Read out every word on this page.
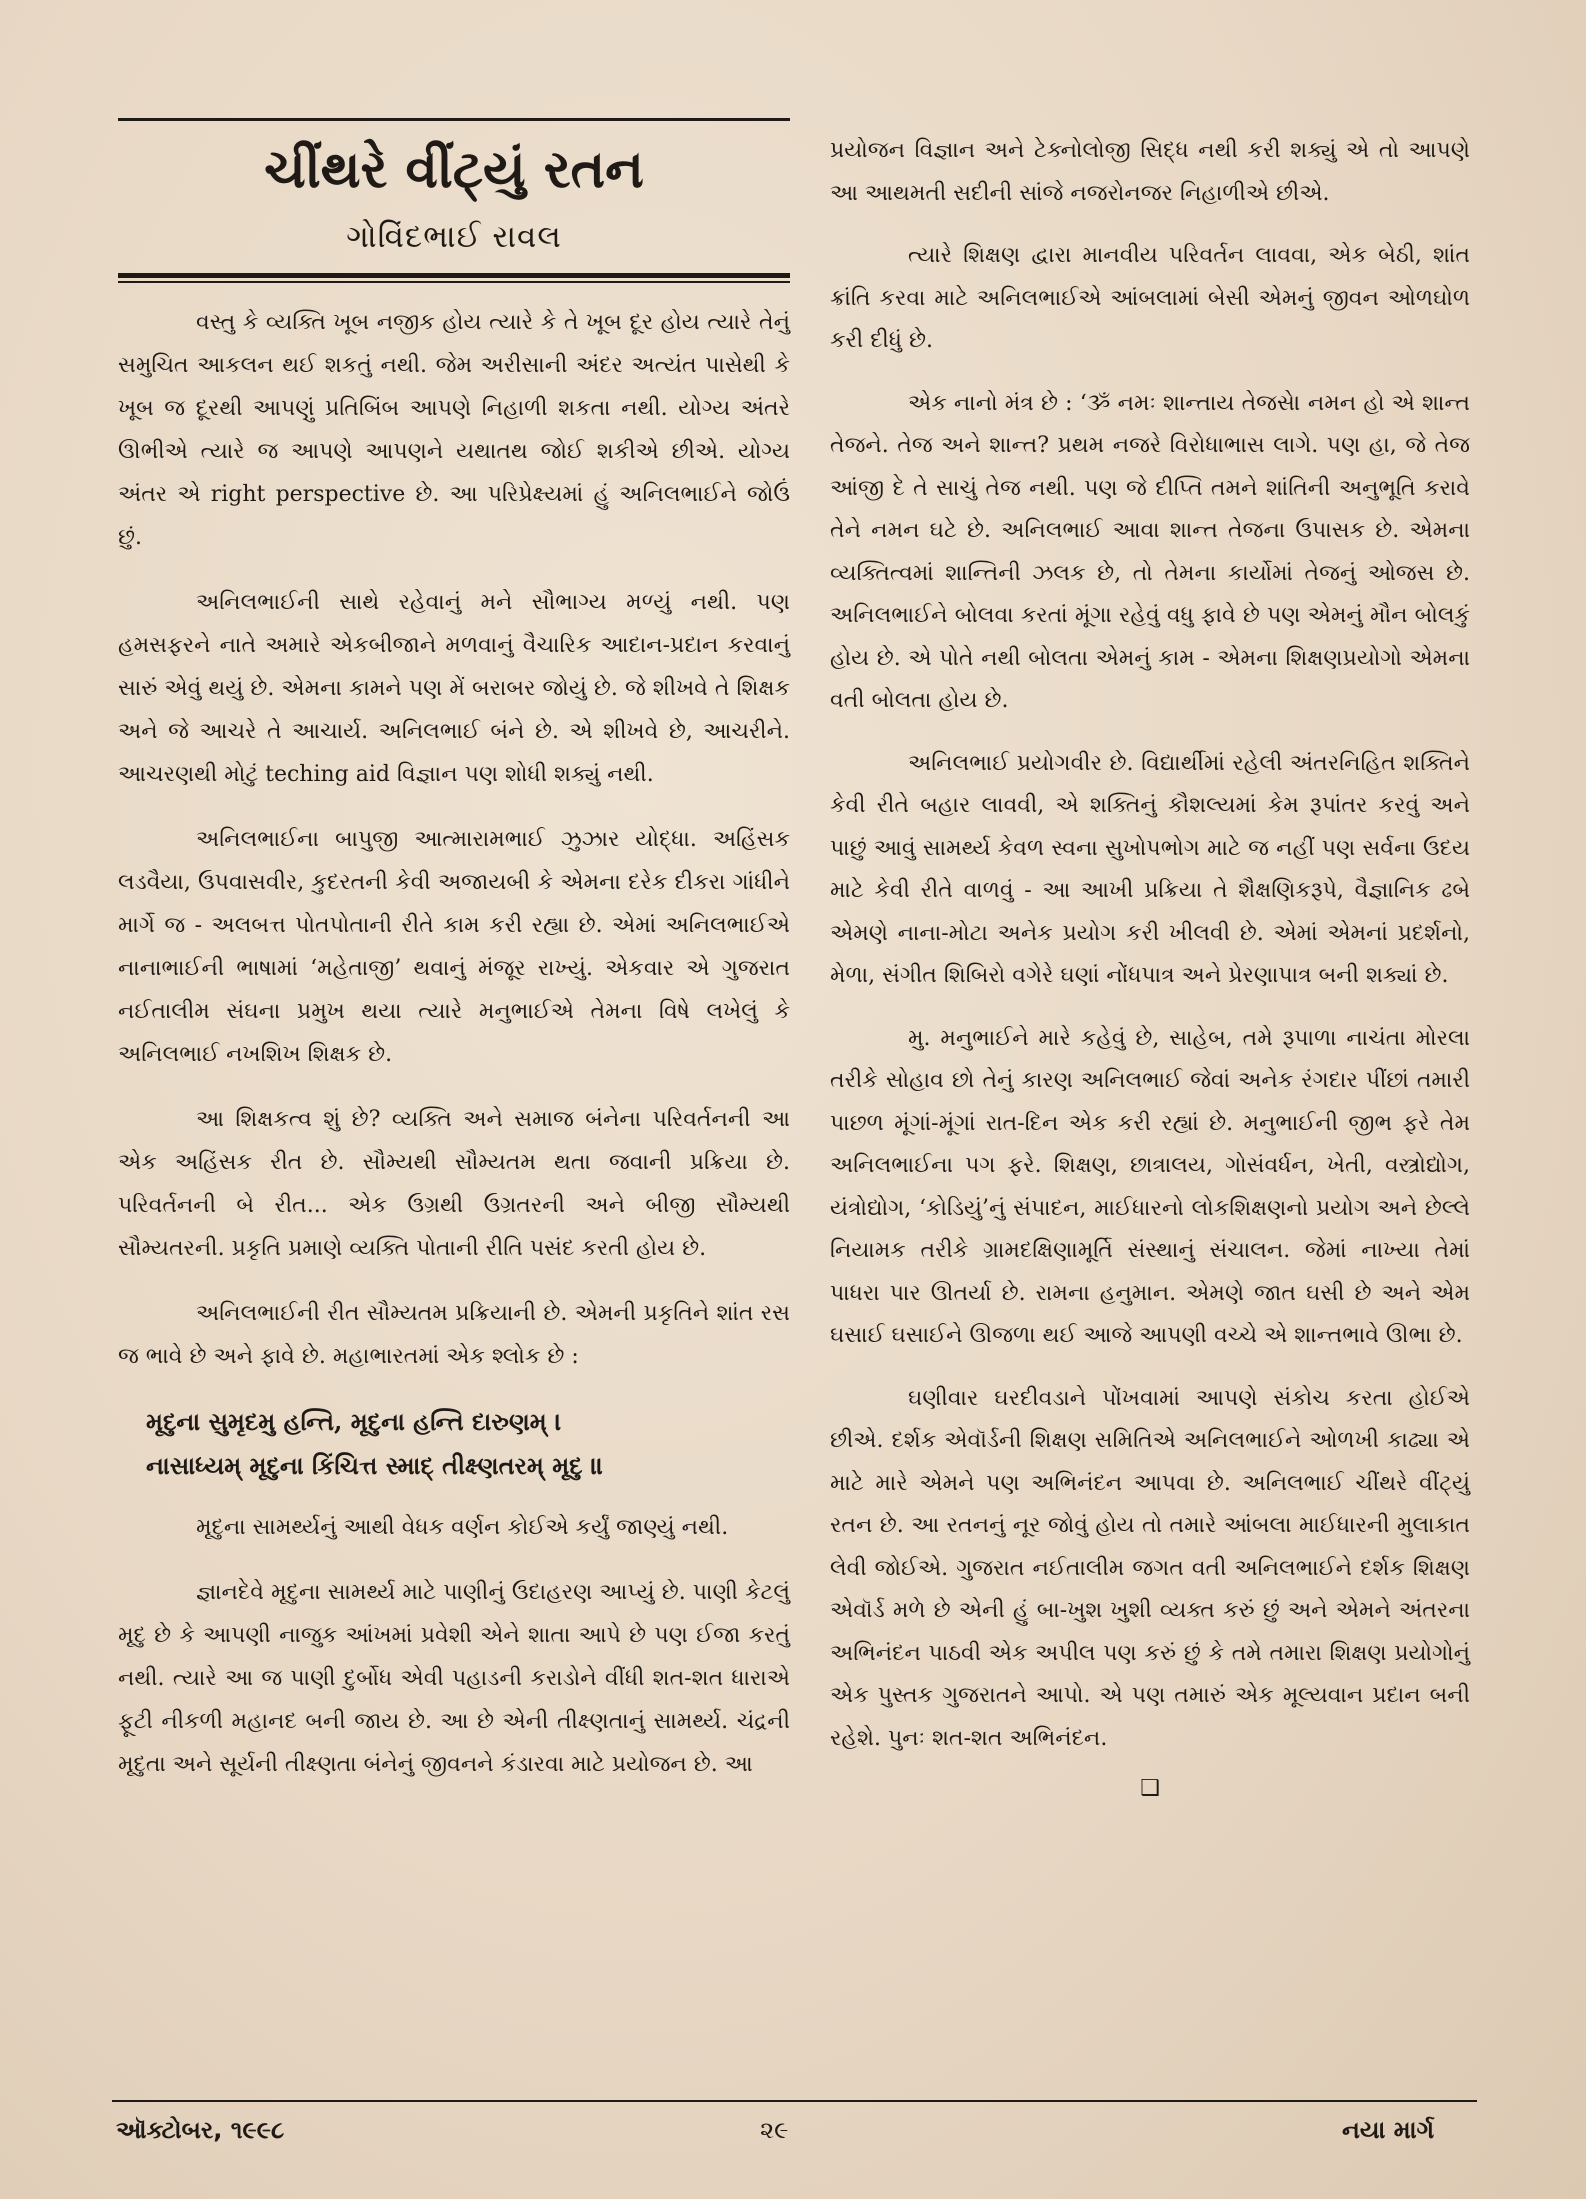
ચીંથરે વીંટ્યું રતન
ગોવિંદભાઈ રાવલ

વસ્તુ કે વ્યક્તિ ખૂબ નજીક હોય ત્યારે કે તે ખૂબ દૂર હોય ત્યારે તેનું સમુચિત આકલન થઈ શકતું નથી. જેમ અરીસાની અંદર અત્યંત પાસેથી કે ખૂબ જ દૂરથી આપણું પ્રતિબિંબ આપણે નિહાળી શકતા નથી. યોગ્ય અંતરે ઊભીએ ત્યારે જ આપણે આપણને યથાતથ જોઈ શકીએ છીએ. યોગ્ય અંતર એ right perspective છે. આ પરિપ્રેક્ષ્યમાં હું અનિલભાઈને જોઉં છું.

અનિલભાઈની સાથે રહેવાનું મને સૌભાગ્ય મળ્યું નથી. પણ હમસફરને નાતે અમારે એકબીજાને મળવાનું વૈચારિક આદાન-પ્રદાન કરવાનું સારું એવું થયું છે. એમના કામને પણ મેં બરાબર જોયું છે. જે શીખવે તે શિક્ષક અને જે આચરે તે આચાર્ય. અનિલભાઈ બંને છે. એ શીખવે છે, આચરીને. આચરણથી મોટું teching aid વિજ્ઞાન પણ શોધી શક્યું નથી.

અનિલભાઈના બાપુજી આત્મારામભાઈ ઝુઝાર યોદ્ધા. અહિંસક લડવૈયા, ઉપવાસવીર, કુદરતની કેવી અજાયબી કે એમના દરેક દીકરા ગાંધીને માર્ગે જ - અલબત્ત પોતપોતાની રીતે કામ કરી રહ્યા છે. એમાં અનિલભાઈએ નાનાભાઈની ભાષામાં ‘મહેતાજી’ થવાનું મંજૂર રાખ્યું. એકવાર એ ગુજરાત નઈતાલીમ સંઘના પ્રમુખ થયા ત્યારે મનુભાઈએ તેમના વિષે લખેલું કે અનિલભાઈ નખશિખ શિક્ષક છે.

આ શિક્ષકત્વ શું છે? વ્યક્તિ અને સમાજ બંનેના પરિવર્તનની આ એક અહિંસક રીત છે. સૌમ્યથી સૌમ્યતમ થતા જવાની પ્રક્રિયા છે. પરિવર્તનની બે રીત... એક ઉગ્રથી ઉગ્રતરની અને બીજી સૌમ્યથી સૌમ્યતરની. પ્રકૃતિ પ્રમાણે વ્યક્તિ પોતાની રીતિ પસંદ કરતી હોય છે.

અનિલભાઈની રીત સૌમ્યતમ પ્રક્રિયાની છે. એમની પ્રકૃતિને શાંત રસ જ ભાવે છે અને ફાવે છે. મહાભારતમાં એક શ્લોક છે :

મૃદુના સુમૃદમુ હન્તિ, મૃદુના હન્તિ દારુણમ્ ।
નાસાધ્યમ્ મૃદુના કિંચિત્ત સ્માદ્ તીક્ષ્ણતરમ્ મૃદુ ॥

મૃદુના સામર્થ્યનું આથી વેધક વર્ણન કોઈએ કર્યું જાણ્યું નથી.

જ્ઞાનદેવે મૃદુના સામર્થ્ય માટે પાણીનું ઉદાહરણ આપ્યું છે. પાણી કેટલું મૃદુ છે કે આપણી નાજુક આંખમાં પ્રવેશી એને શાતા આપે છે પણ ઈજા કરતું નથી. ત્યારે આ જ પાણી દુર્બોધ એવી પહાડની કરાડોને વીંધી શત-શત ધારાએ ફૂટી નીકળી મહાનદ બની જાય છે. આ છે એની તીક્ષ્ણતાનું સામર્થ્ય. ચંદ્રની મૃદુતા અને સૂર્યની તીક્ષ્ણતા બંનેનું જીવનને કંડારવા માટે પ્રયોજન છે. આ

પ્રયોજન વિજ્ઞાન અને ટેક્નોલોજી સિદ્ધ નથી કરી શક્યું એ તો આપણે આ આથમતી સદીની સાંજે નજરોનજર નિહાળીએ છીએ.

ત્યારે શિક્ષણ દ્વારા માનવીય પરિવર્તન લાવવા, એક બેઠી, શાંત ક્રાંતિ કરવા માટે અનિલભાઈએ આંબલામાં બેસી એમનું જીવન ઓળઘોળ કરી દીધું છે.

એક નાનો મંત્ર છે : ‘ૐ નમઃ શાન્તાય તેજસે। નમન હો એ શાન્ત તેજને. તેજ અને શાન્ત? પ્રથમ નજરે વિરોધાભાસ લાગે. પણ હા, જે તેજ આંજી દે તે સાચું તેજ નથી. પણ જે દીપ્તિ તમને શાંતિની અનુભૂતિ કરાવે તેને નમન ઘટે છે. અનિલભાઈ આવા શાન્ત તેજના ઉપાસક છે. એમના વ્યક્તિત્વમાં શાન્તિની ઝલક છે, તો તેમના કાર્યોમાં તેજનું ઓજસ છે. અનિલભાઈને બોલવા કરતાં મૂંગા રહેવું વધુ ફાવે છે પણ એમનું મૌન બોલકું હોય છે. એ પોતે નથી બોલતા એમનું કામ - એમના શિક્ષણપ્રયોગો એમના વતી બોલતા હોય છે.

અનિલભાઈ પ્રયોગવીર છે. વિદ્યાર્થીમાં રહેલી અંતરનિહિત શક્તિને કેવી રીતે બહાર લાવવી, એ શક્તિનું કૌશલ્યમાં કેમ રૂપાંતર કરવું અને પાછું આવું સામર્થ્ય કેવળ સ્વના સુખોપભોગ માટે જ નહીં પણ સર્વના ઉદય માટે કેવી રીતે વાળવું - આ આખી પ્રક્રિયા તે શૈક્ષણિકરૂપે, વૈજ્ઞાનિક ઢબે એમણે નાના-મોટા અનેક પ્રયોગ કરી ખીલવી છે. એમાં એમનાં પ્રદર્શનો, મેળા, સંગીત શિબિરો વગેરે ઘણાં નોંધપાત્ર અને પ્રેરણાપાત્ર બની શક્યાં છે.

મુ. મનુભાઈને મારે કહેવું છે, સાહેબ, તમે રૂપાળા નાચંતા મોરલા તરીકે સોહાવ છો તેનું કારણ અનિલભાઈ જેવાં અનેક રંગદાર પીંછાં તમારી પાછળ મૂંગાં-મૂંગાં રાત-દિન એક કરી રહ્યાં છે. મનુભાઈની જીભ ફરે તેમ અનિલભાઈના પગ ફરે. શિક્ષણ, છાત્રાલય, ગોસંવર્ધન, ખેતી, વસ્ત્રોદ્યોગ, યંત્રોદ્યોગ, ‘કોડિયું’નું સંપાદન, માઈધારનો લોકશિક્ષણનો પ્રયોગ અને છેલ્લે નિયામક તરીકે ગ્રામદક્ષિણામૂર્તિ સંસ્થાનું સંચાલન. જેમાં નાખ્યા તેમાં પાધરા પાર ઊતર્યા છે. રામના હનુમાન. એમણે જાત ઘસી છે અને એમ ઘસાઈ ઘસાઈને ઊજળા થઈ આજે આપણી વચ્ચે એ શાન્તભાવે ઊભા છે.

ઘણીવાર ઘરદીવડાને પોંખવામાં આપણે સંકોચ કરતા હોઈએ છીએ. દર્શક એવૉર્ડની શિક્ષણ સમિતિએ અનિલભાઈને ઓળખી કાઢ્યા એ માટે મારે એમને પણ અભિનંદન આપવા છે. અનિલભાઈ ચીંથરે વીંટ્યું રતન છે. આ રતનનું નૂર જોવું હોય તો તમારે આંબલા માઈધારની મુલાકાત લેવી જોઈએ. ગુજરાત નઈતાલીમ જગત વતી અનિલભાઈને દર્શક શિક્ષણ એવૉર્ડ મળે છે એની હું બા-ખુશ ખુશી વ્યક્ત કરું છું અને એમને અંતરના અભિનંદન પાઠવી એક અપીલ પણ કરું છું કે તમે તમારા શિક્ષણ પ્રયોગોનું એક પુસ્તક ગુજરાતને આપો. એ પણ તમારું એક મૂલ્યવાન પ્રદાન બની રહેશે. પુનઃ શત-શત અભિનંદન.

❑
ઑક્ટોબર, ૧૯૯૮	૨૯	નયા માર્ગ
